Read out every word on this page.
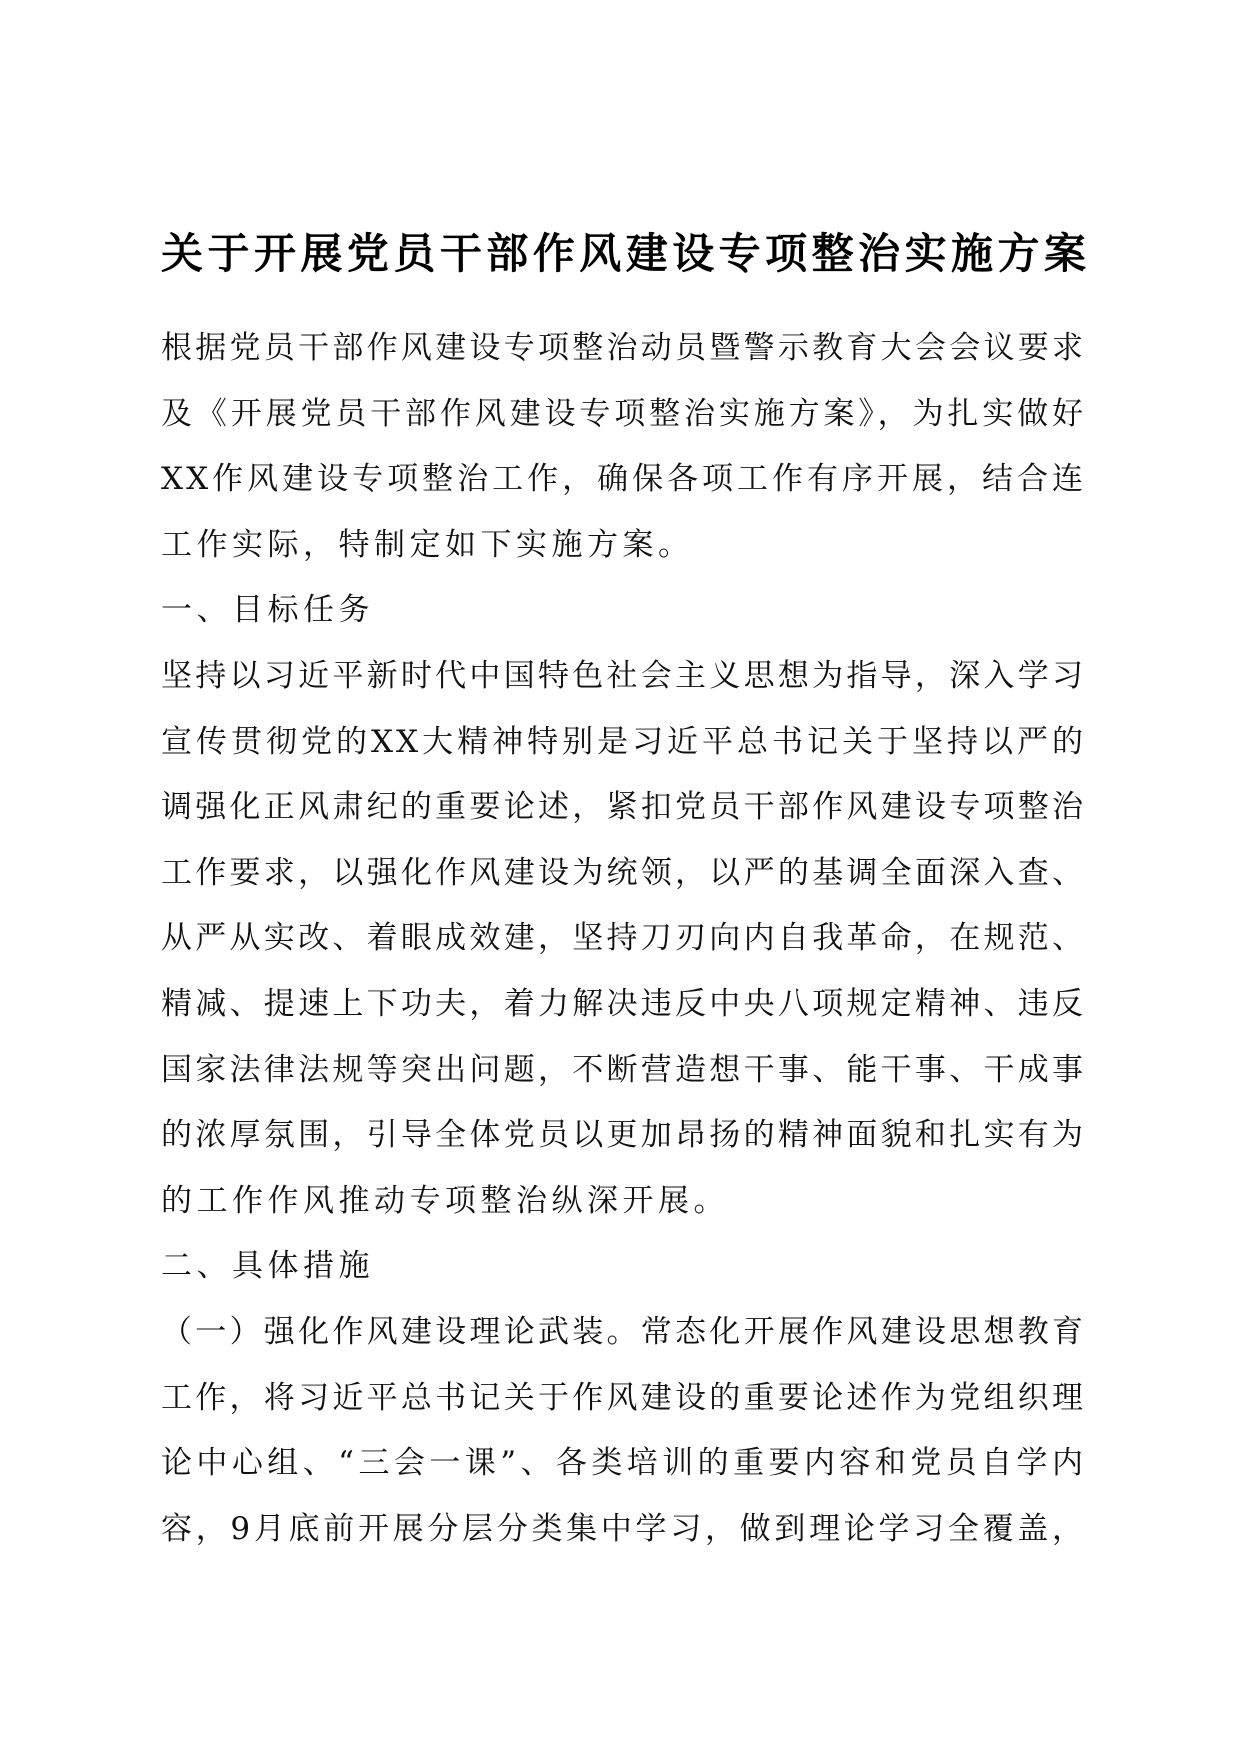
关于开展党员干部作风建设专项整治实施方案
根据党员干部作风建设专项整治动员暨警示教育大会会议要求
及《开展党员干部作风建设专项整治实施方案》，为扎实做好
XX作风建设专项整治工作，确保各项工作有序开展，结合连
工作实际，特制定如下实施方案。
一、目标任务
坚持以习近平新时代中国特色社会主义思想为指导，深入学习
宣传贯彻党的XX大精神特别是习近平总书记关于坚持以严的
调强化正风肃纪的重要论述，紧扣党员干部作风建设专项整治
工作要求，以强化作风建设为统领，以严的基调全面深入查、
从严从实改、着眼成效建，坚持刀刃向内自我革命，在规范、
精减、提速上下功夫，着力解决违反中央八项规定精神、违反
国家法律法规等突出问题，不断营造想干事、能干事、干成事
的浓厚氛围，引导全体党员以更加昂扬的精神面貌和扎实有为
的工作作风推动专项整治纵深开展。
二、具体措施
（一）强化作风建设理论武装。常态化开展作风建设思想教育
工作，将习近平总书记关于作风建设的重要论述作为党组织理
论中心组、“三会一课”、各类培训的重要内容和党员自学内
容，9月底前开展分层分类集中学习，做到理论学习全覆盖，
